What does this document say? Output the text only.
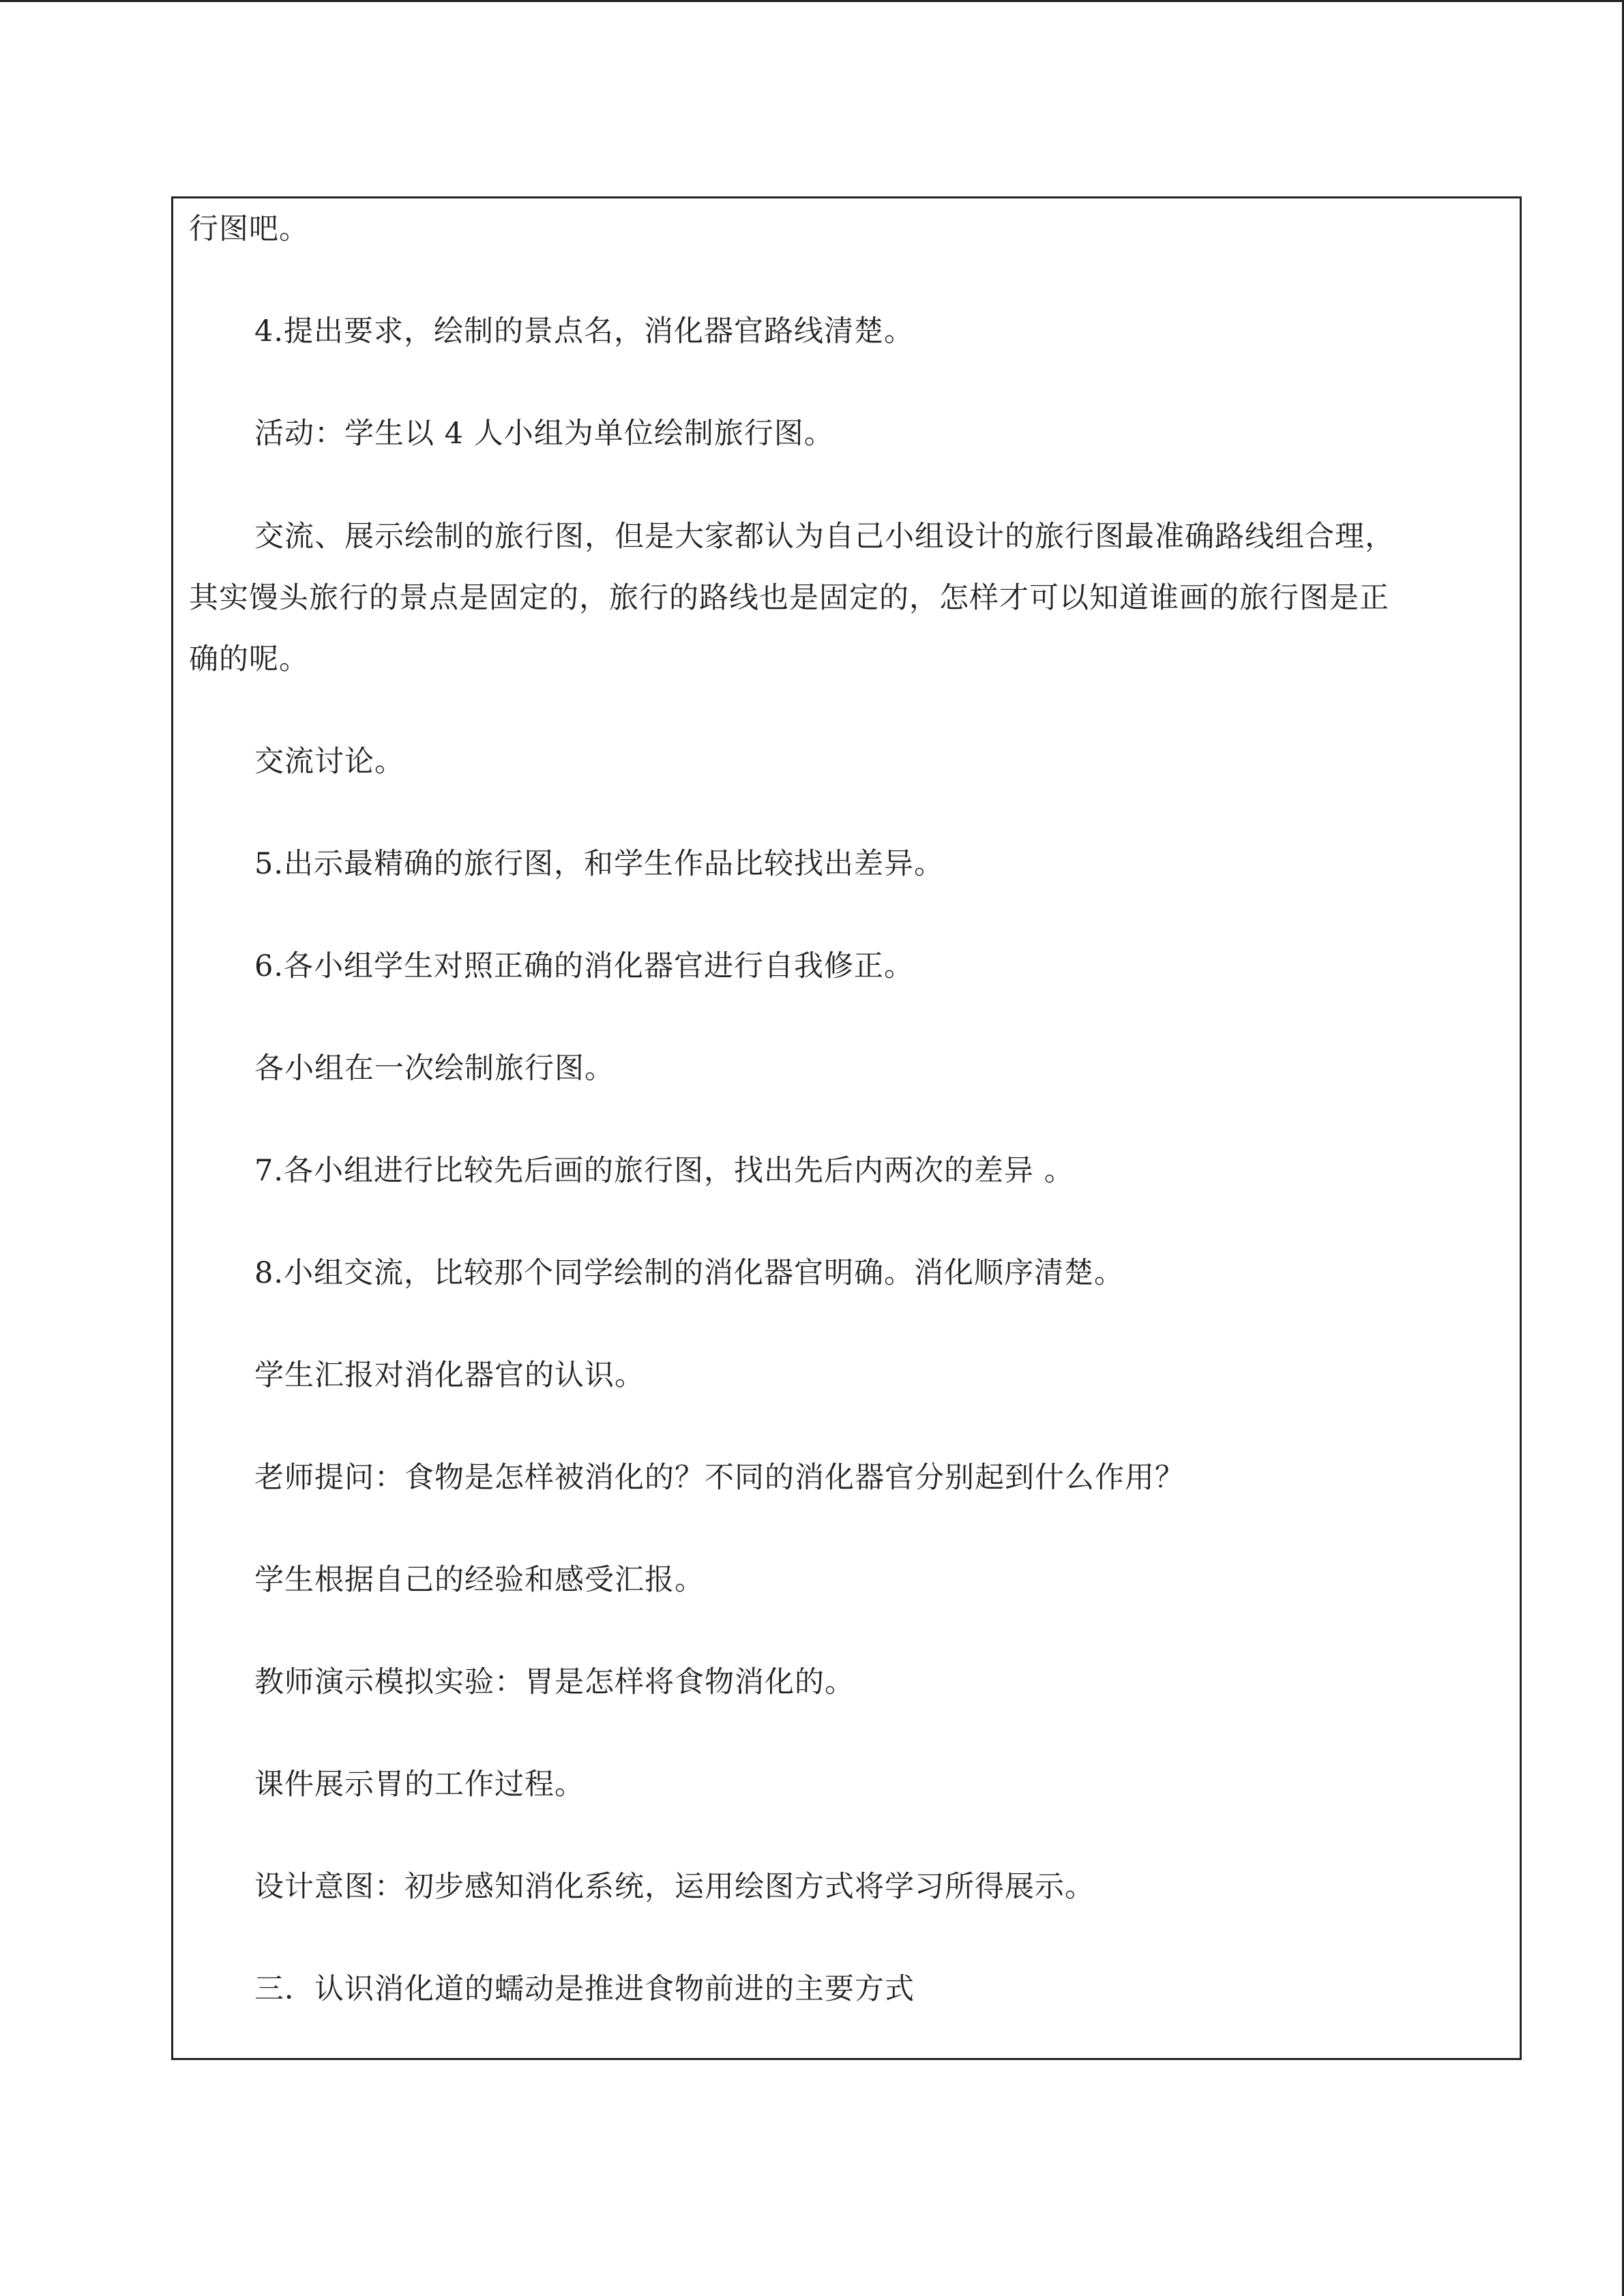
行图吧。
4.提出要求，绘制的景点名，消化器官路线清楚。
活动：学生以 4 人小组为单位绘制旅行图。
交流、展示绘制的旅行图，但是大家都认为自己小组设计的旅行图最准确路线组合理，
其实馒头旅行的景点是固定的，旅行的路线也是固定的，怎样才可以知道谁画的旅行图是正
确的呢。
交流讨论。
5.出示最精确的旅行图，和学生作品比较找出差异。
6.各小组学生对照正确的消化器官进行自我修正。
各小组在一次绘制旅行图。
7.各小组进行比较先后画的旅行图，找出先后内两次的差异 。
8.小组交流，比较那个同学绘制的消化器官明确。消化顺序清楚。
学生汇报对消化器官的认识。
老师提问：食物是怎样被消化的？不同的消化器官分别起到什么作用？
学生根据自己的经验和感受汇报。
教师演示模拟实验：胃是怎样将食物消化的。
课件展示胃的工作过程。
设计意图：初步感知消化系统，运用绘图方式将学习所得展示。
三．认识消化道的蠕动是推进食物前进的主要方式
